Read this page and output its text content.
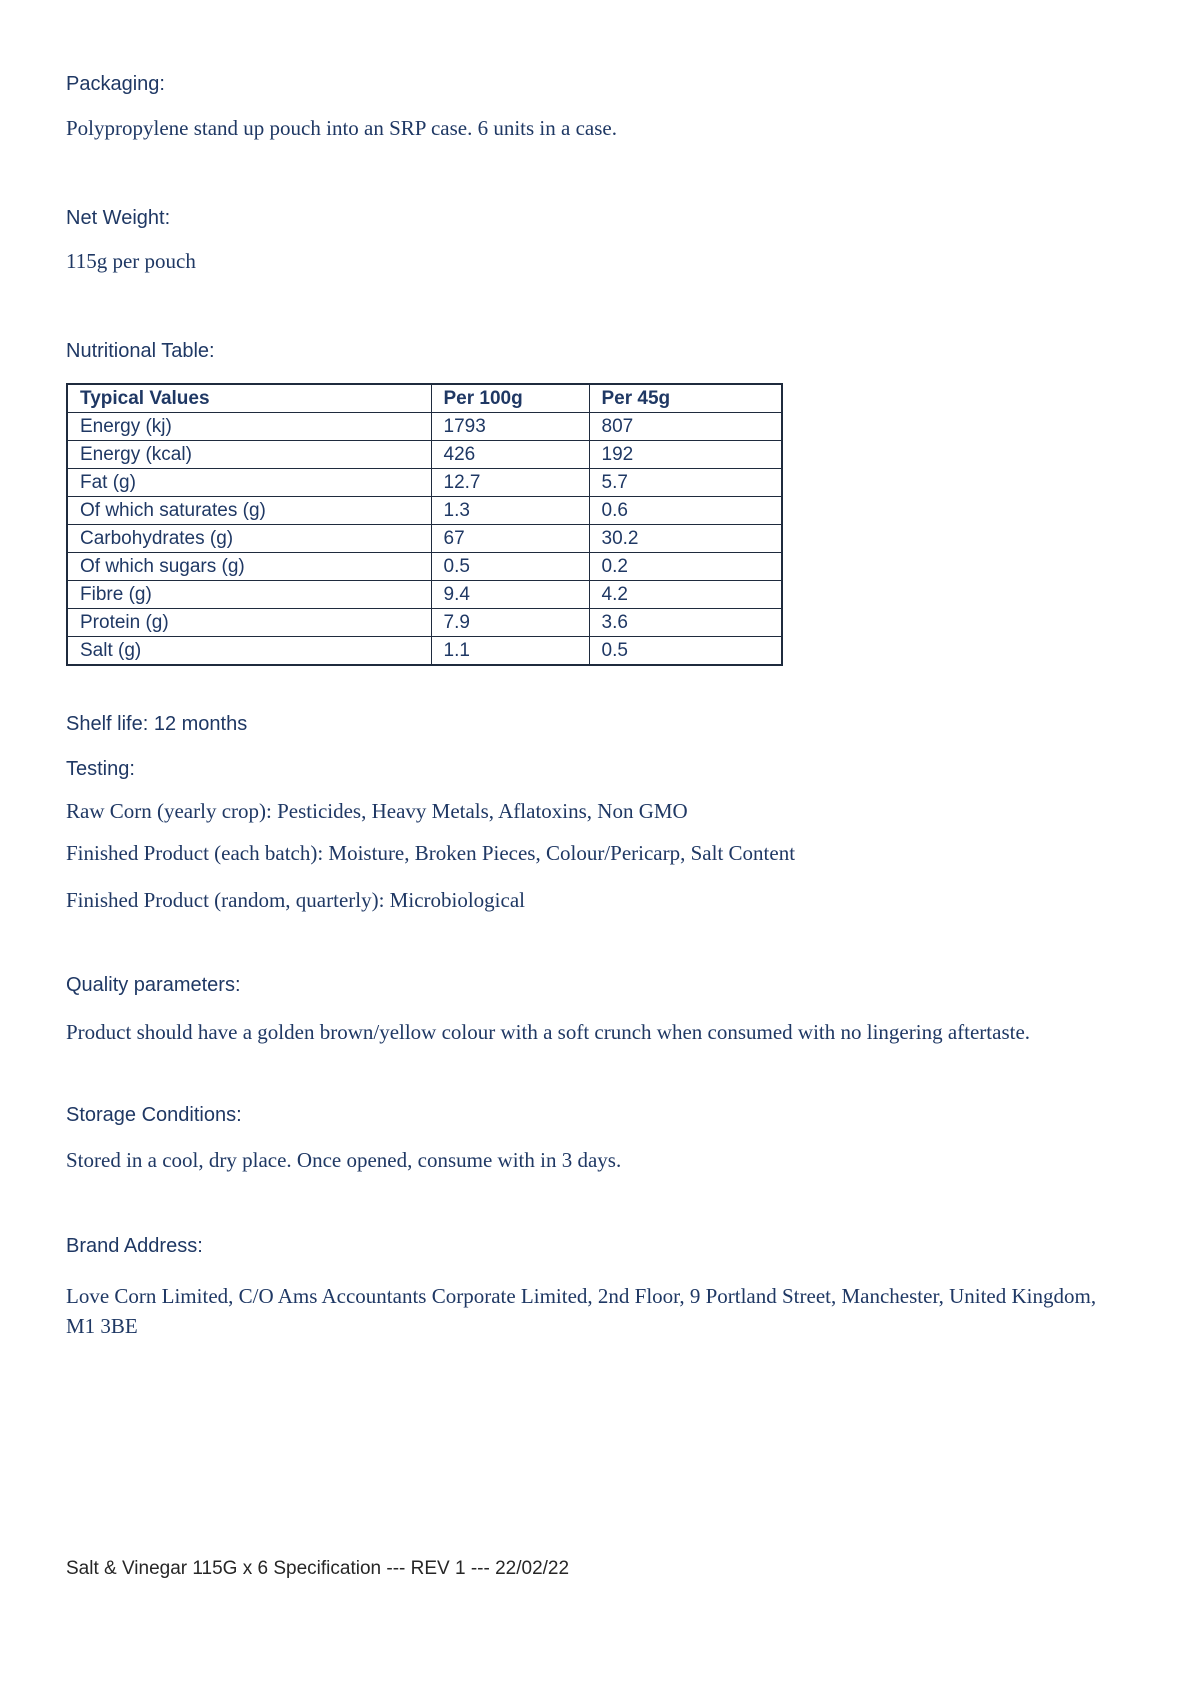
Packaging:
Polypropylene stand up pouch into an SRP case. 6 units in a case.
Net Weight:
115g per pouch
Nutritional Table:
Typical Values	Per 100g	Per 45g
Energy (kj)	1793	807
Energy (kcal)	426	192
Fat (g)	12.7	5.7
Of which saturates (g)	1.3	0.6
Carbohydrates (g)	67	30.2
Of which sugars (g)	0.5	0.2
Fibre (g)	9.4	4.2
Protein (g)	7.9	3.6
Salt (g)	1.1	0.5
Shelf life: 12 months
Testing:
Raw Corn (yearly crop): Pesticides, Heavy Metals, Aflatoxins, Non GMO
Finished Product (each batch): Moisture, Broken Pieces, Colour/Pericarp, Salt Content
Finished Product (random, quarterly): Microbiological
Quality parameters:
Product should have a golden brown/yellow colour with a soft crunch when consumed with no lingering aftertaste.
Storage Conditions:
Stored in a cool, dry place. Once opened, consume with in 3 days.
Brand Address:
Love Corn Limited, C/O Ams Accountants Corporate Limited, 2nd Floor, 9 Portland Street, Manchester, United Kingdom, M1 3BE
Salt & Vinegar 115G x 6 Specification --- REV 1 --- 22/02/22
